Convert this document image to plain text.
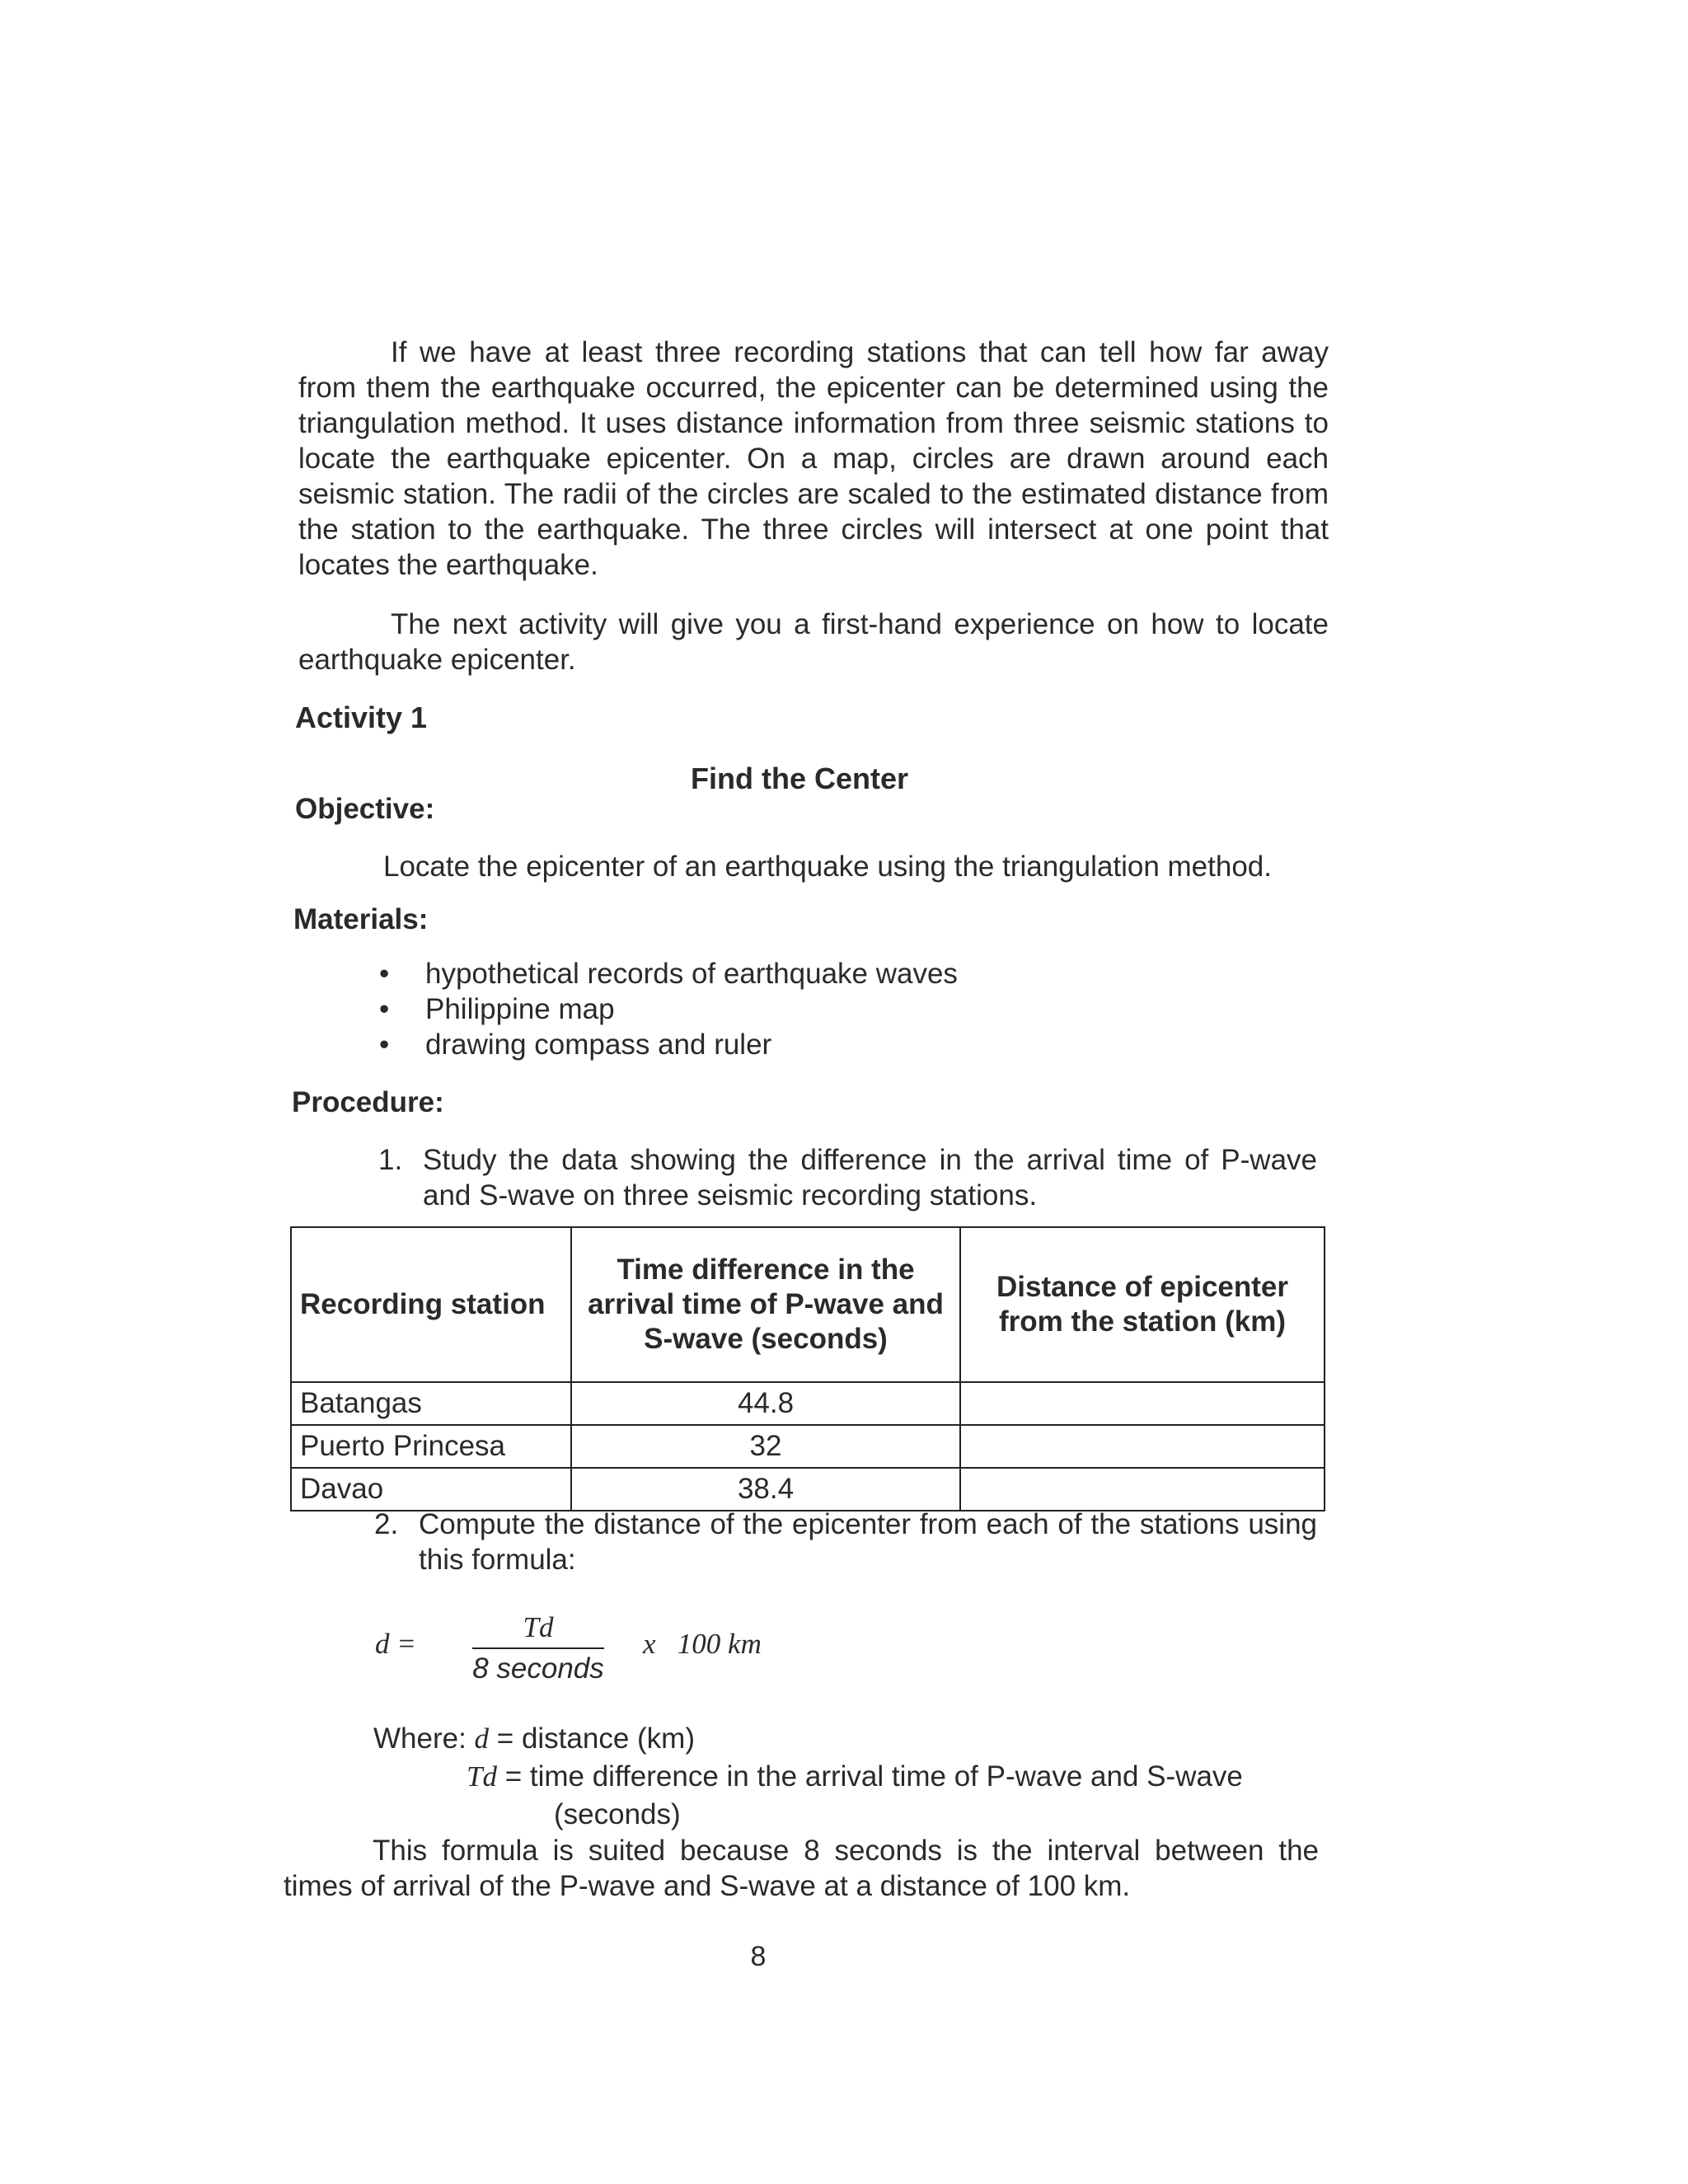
If we have at least three recording stations that can tell how far away from them the earthquake occurred, the epicenter can be determined using the triangulation method. It uses distance information from three seismic stations to locate the earthquake epicenter. On a map, circles are drawn around each seismic station. The radii of the circles are scaled to the estimated distance from the station to the earthquake. The three circles will intersect at one point that locates the earthquake.

The next activity will give you a first-hand experience on how to locate earthquake epicenter.

Activity 1
Find the Center
Objective:

Locate the epicenter of an earthquake using the triangulation method.

Materials:
• hypothetical records of earthquake waves
• Philippine map
• drawing compass and ruler
Procedure:
1. Study the data showing the difference in the arrival time of P-wave and S-wave on three seismic recording stations.
Recording station	Time difference in the arrival time of P-wave and S-wave (seconds)	Distance of epicenter from the station (km)
Batangas	44.8	
Puerto Princesa	32	
Davao	38.4	
2. Compute the distance of the epicenter from each of the stations using this formula:
d =
Td
8 seconds
x   100 km

Where: d = distance (km)

Td = time difference in the arrival time of P-wave and S-wave

(seconds)

This formula is suited because 8 seconds is the interval between the times of arrival of the P-wave and S-wave at a distance of 100 km.

8
